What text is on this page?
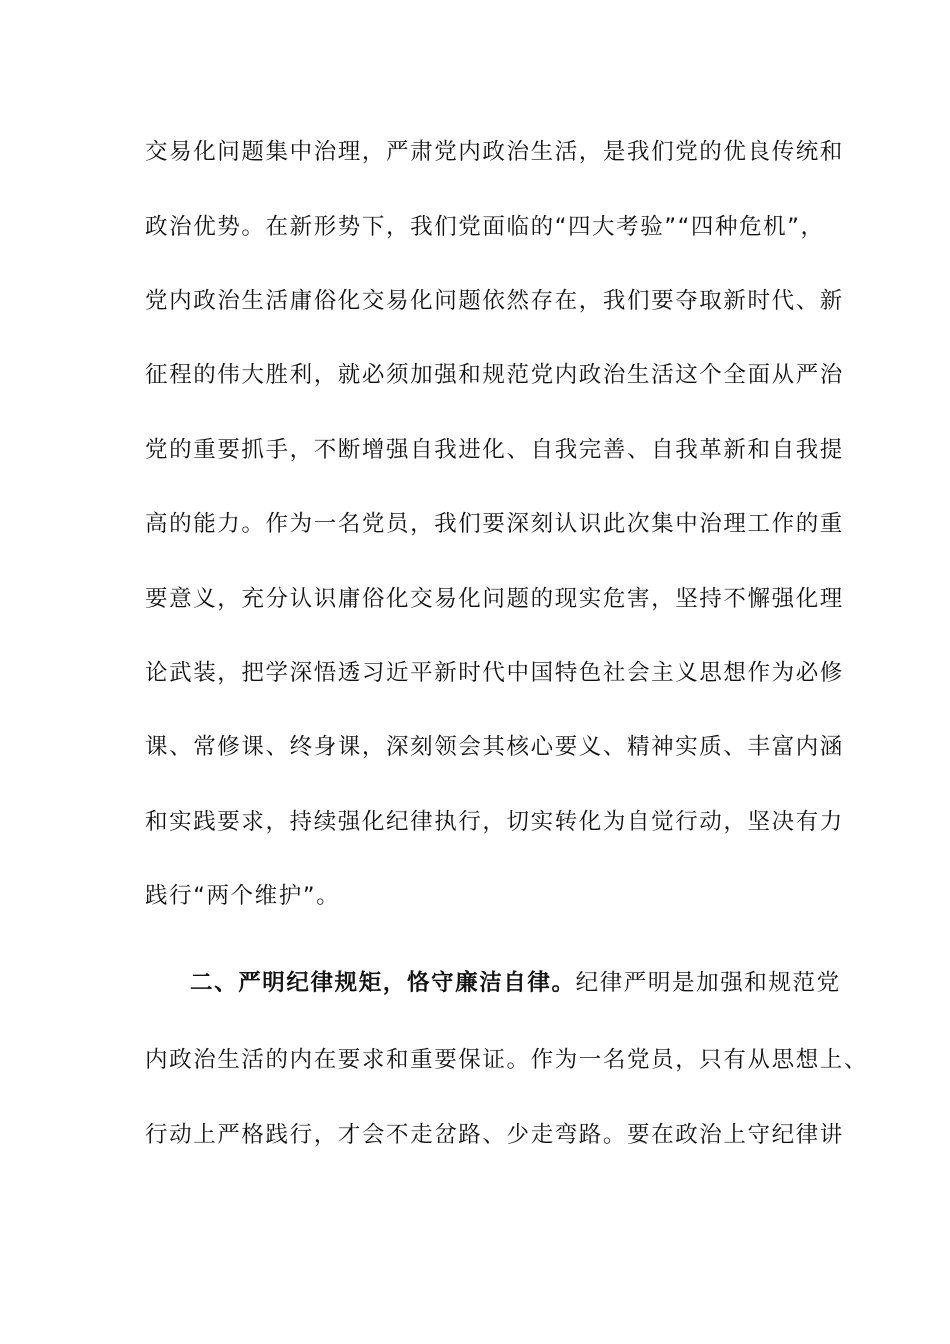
交易化问题集中治理，严肃党内政治生活，是我们党的优良传统和
政治优势。在新形势下，我们党面临的“四大考验”“四种危机”，
党内政治生活庸俗化交易化问题依然存在，我们要夺取新时代、新
征程的伟大胜利，就必须加强和规范党内政治生活这个全面从严治
党的重要抓手，不断增强自我进化、自我完善、自我革新和自我提
高的能力。作为一名党员，我们要深刻认识此次集中治理工作的重
要意义，充分认识庸俗化交易化问题的现实危害，坚持不懈强化理
论武装，把学深悟透习近平新时代中国特色社会主义思想作为必修
课、常修课、终身课，深刻领会其核心要义、精神实质、丰富内涵
和实践要求，持续强化纪律执行，切实转化为自觉行动，坚决有力
践行“两个维护”。
二、严明纪律规矩，恪守廉洁自律。纪律严明是加强和规范党
内政治生活的内在要求和重要保证。作为一名党员，只有从思想上、
行动上严格践行，才会不走岔路、少走弯路。要在政治上守纪律讲
